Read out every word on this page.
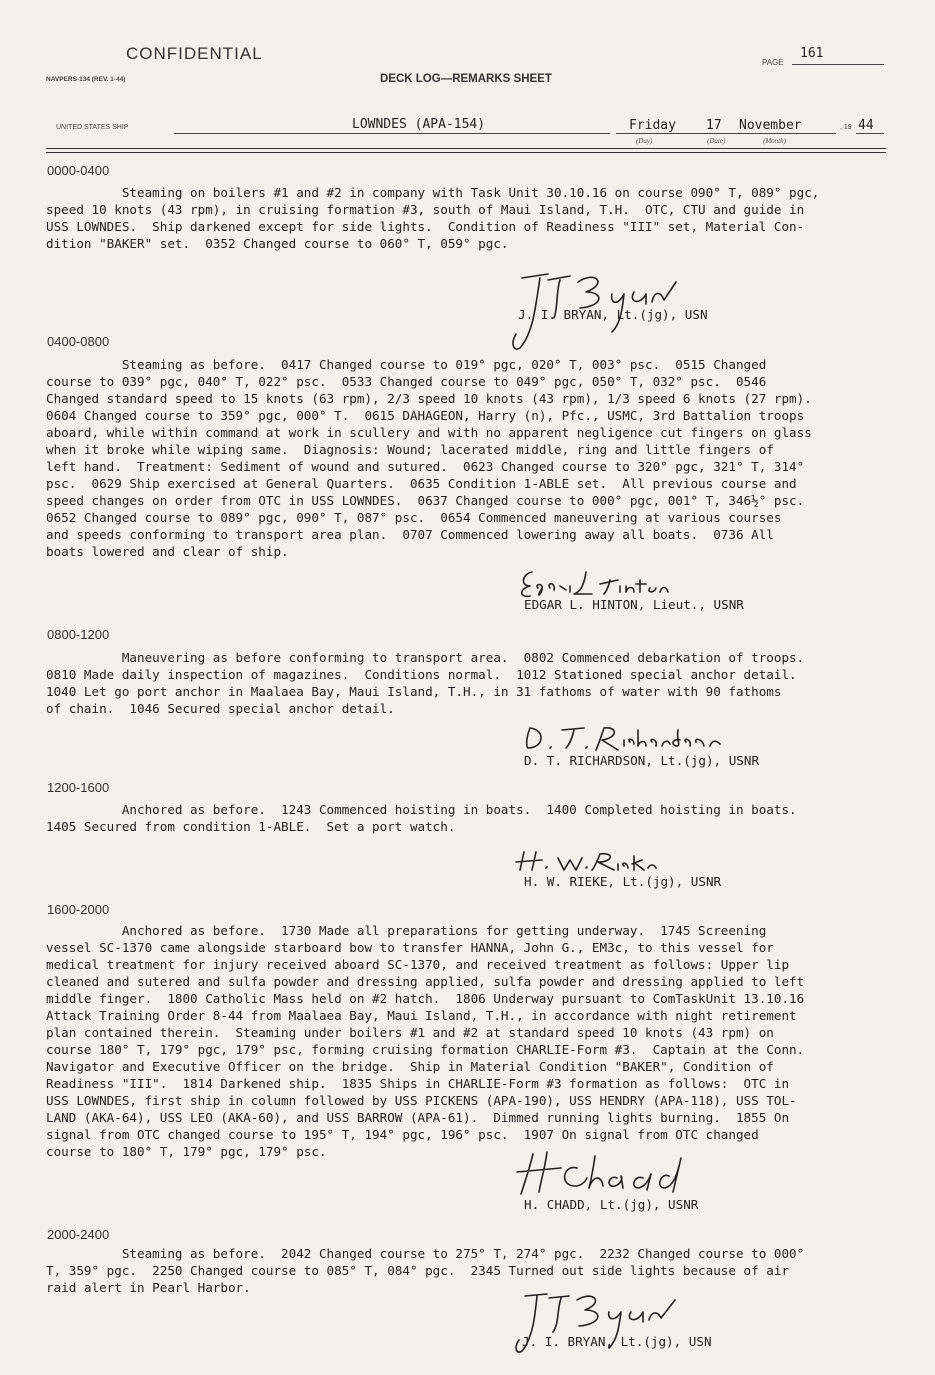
CONFIDENTIAL
NAVPERS-134 (REV. 1-44)	DECK LOG—REMARKS SHEET
PAGE
161
UNITED STATES SHIP	LOWNDES (APA-154)	Friday 17 November
(Day)	(Date)	(Month)
, 19 44
0000-0400
Steaming on boilers #1 and #2 in company with Task Unit 30.10.16 on course 090° T, 089° pgc,
speed 10 knots (43 rpm), in cruising formation #3, south of Maui Island, T.H.  OTC, CTU and guide in
USS LOWNDES.  Ship darkened except for side lights.  Condition of Readiness "III" set, Material Con-
dition "BAKER" set.  0352 Changed course to 060° T, 059° pgc.
J. I. BRYAN, Lt.(jg), USN
0400-0800
Steaming as before.  0417 Changed course to 019° pgc, 020° T, 003° psc.  0515 Changed
course to 039° pgc, 040° T, 022° psc.  0533 Changed course to 049° pgc, 050° T, 032° psc.  0546
Changed standard speed to 15 knots (63 rpm), 2/3 speed 10 knots (43 rpm), 1/3 speed 6 knots (27 rpm).
0604 Changed course to 359° pgc, 000° T.  0615 DAHAGEON, Harry (n), Pfc., USMC, 3rd Battalion troops
aboard, while within command at work in scullery and with no apparent negligence cut fingers on glass
when it broke while wiping same.  Diagnosis: Wound; lacerated middle, ring and little fingers of
left hand.  Treatment: Sediment of wound and sutured.  0623 Changed course to 320° pgc, 321° T, 314°
psc.  0629 Ship exercised at General Quarters.  0635 Condition 1-ABLE set.  All previous course and
speed changes on order from OTC in USS LOWNDES.  0637 Changed course to 000° pgc, 001° T, 346½° psc.
0652 Changed course to 089° pgc, 090° T, 087° psc.  0654 Commenced maneuvering at various courses
and speeds conforming to transport area plan.  0707 Commenced lowering away all boats.  0736 All
boats lowered and clear of ship.
EDGAR L. HINTON, Lieut., USNR
0800-1200
Maneuvering as before conforming to transport area.  0802 Commenced debarkation of troops.
0810 Made daily inspection of magazines.  Conditions normal.  1012 Stationed special anchor detail.
1040 Let go port anchor in Maalaea Bay, Maui Island, T.H., in 31 fathoms of water with 90 fathoms
of chain.  1046 Secured special anchor detail.
D. T. RICHARDSON, Lt.(jg), USNR
1200-1600
Anchored as before.  1243 Commenced hoisting in boats.  1400 Completed hoisting in boats.
1405 Secured from condition 1-ABLE.  Set a port watch.
H. W. RIEKE, Lt.(jg), USNR
1600-2000
Anchored as before.  1730 Made all preparations for getting underway.  1745 Screening
vessel SC-1370 came alongside starboard bow to transfer HANNA, John G., EM3c, to this vessel for
medical treatment for injury received aboard SC-1370, and received treatment as follows: Upper lip
cleaned and sutered and sulfa powder and dressing applied, sulfa powder and dressing applied to left
middle finger.  1800 Catholic Mass held on #2 hatch.  1806 Underway pursuant to ComTaskUnit 13.10.16
Attack Training Order 8-44 from Maalaea Bay, Maui Island, T.H., in accordance with night retirement
plan contained therein.  Steaming under boilers #1 and #2 at standard speed 10 knots (43 rpm) on
course 180° T, 179° pgc, 179° psc, forming cruising formation CHARLIE-Form #3.  Captain at the Conn.
Navigator and Executive Officer on the bridge.  Ship in Material Condition "BAKER", Condition of
Readiness "III".  1814 Darkened ship.  1835 Ships in CHARLIE-Form #3 formation as follows:  OTC in
USS LOWNDES, first ship in column followed by USS PICKENS (APA-190), USS HENDRY (APA-118), USS TOL-
LAND (AKA-64), USS LEO (AKA-60), and USS BARROW (APA-61).  Dimmed running lights burning.  1855 On
signal from OTC changed course to 195° T, 194° pgc, 196° psc.  1907 On signal from OTC changed
course to 180° T, 179° pgc, 179° psc.
H. CHADD, Lt.(jg), USNR
2000-2400
Steaming as before.  2042 Changed course to 275° T, 274° pgc.  2232 Changed course to 000°
T, 359° pgc.  2250 Changed course to 085° T, 084° pgc.  2345 Turned out side lights because of air
raid alert in Pearl Harbor.
J. I. BRYAN, Lt.(jg), USN
